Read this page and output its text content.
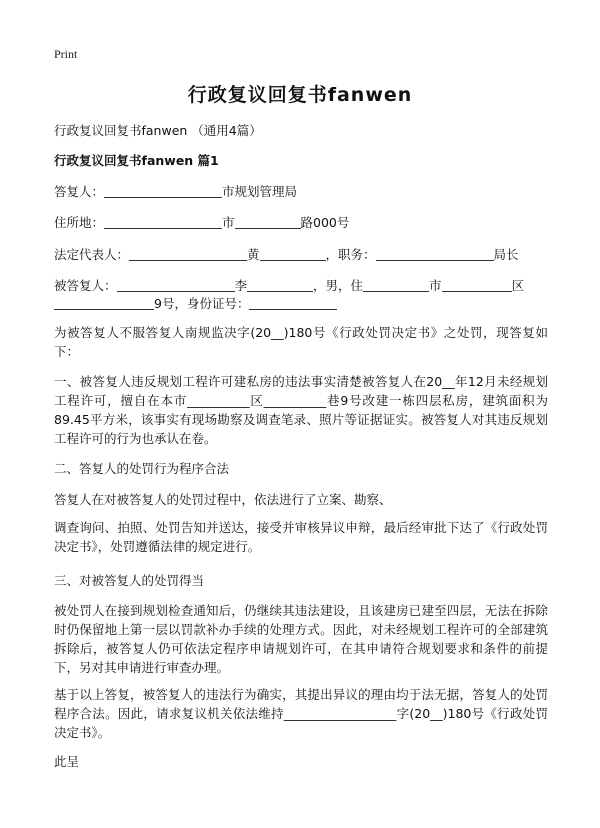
Print
行政复议回复书fanwen
行政复议回复书fanwen （通用4篇）
行政复议回复书fanwen 篇1
答复人：	市规划管理局
住所地：	市	路000号
法定代表人：	黄	，职务：	局长
被答复人：	李	，男，住	市	区
9号，身份证号：
为被答复人不服答复人南规监决字(20__)180号《行政处罚决定书》之处罚，现答复如下：
一、被答复人违反规划工程许可建私房的违法事实清楚被答复人在20__年12月未经规划工程许可，擅自在本市__________区__________巷9号改建一栋四层私房，建筑面积为89.45平方米，该事实有现场勘察及调查笔录、照片等证据证实。被答复人对其违反规划工程许可的行为也承认在卷。
二、答复人的处罚行为程序合法
答复人在对被答复人的处罚过程中，依法进行了立案、勘察、
调查询问、拍照、处罚告知并送达，接受并审核异议申辩，最后经审批下达了《行政处罚决定书》，处罚遵循法律的规定进行。
三、对被答复人的处罚得当
被处罚人在接到规划检查通知后，仍继续其违法建设，且该建房已建至四层，无法在拆除时仍保留地上第一层以罚款补办手续的处理方式。因此，对未经规划工程许可的全部建筑拆除后，被答复人仍可依法定程序申请规划许可，在其申请符合规划要求和条件的前提下，另对其申请进行审查办理。
基于以上答复，被答复人的违法行为确实，其提出异议的理由均于法无据，答复人的处罚程序合法。因此，请求复议机关依法维持__________________字(20__)180号《行政处罚决定书》。
此呈
